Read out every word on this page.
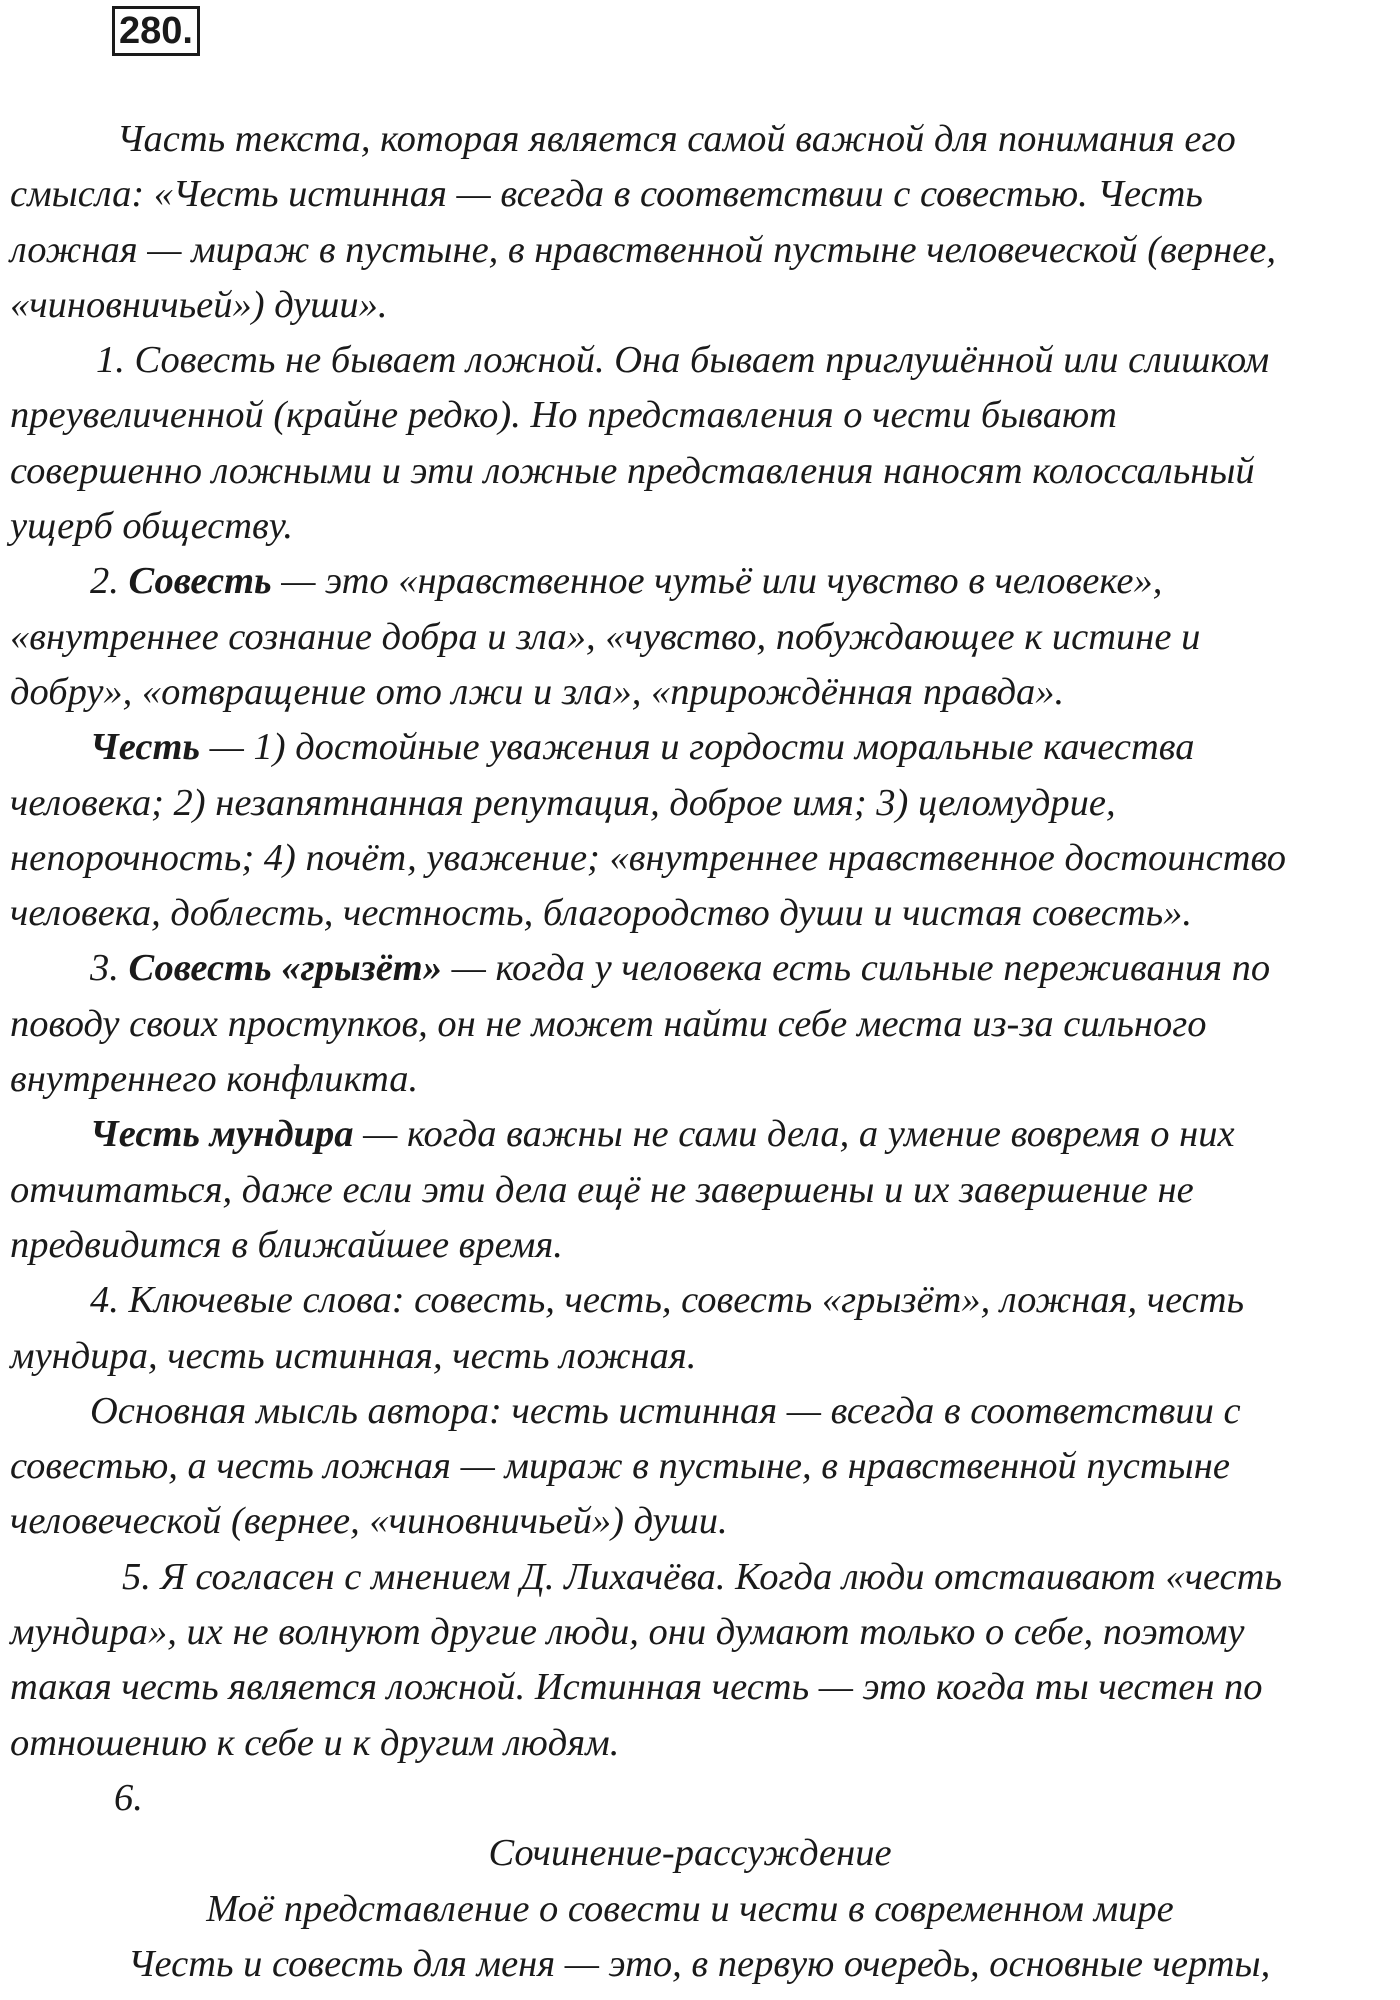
280.

Часть текста, которая является самой важной для понимания его
смысла: «Честь истинная — всегда в соответствии с совестью. Честь
ложная — мираж в пустыне, в нравственной пустыне человеческой (вернее,
«чиновничьей») души».

1. Совесть не бывает ложной. Она бывает приглушённой или слишком
преувеличенной (крайне редко). Но представления о чести бывают
совершенно ложными и эти ложные представления наносят колоссальный
ущерб обществу.

2. Совесть — это «нравственное чутьё или чувство в человеке»,
«внутреннее сознание добра и зла», «чувство, побуждающее к истине и
добру», «отвращение ото лжи и зла», «прирождённая правда».

Честь — 1) достойные уважения и гордости моральные качества
человека; 2) незапятнанная репутация, доброе имя; 3) целомудрие,
непорочность; 4) почёт, уважение; «внутреннее нравственное достоинство
человека, доблесть, честность, благородство души и чистая совесть».

3. Совесть «грызёт» — когда у человека есть сильные переживания по
поводу своих проступков, он не может найти себе места из-за сильного
внутреннего конфликта.

Честь мундира — когда важны не сами дела, а умение вовремя о них
отчитаться, даже если эти дела ещё не завершены и их завершение не
предвидится в ближайшее время.

4. Ключевые слова: совесть, честь, совесть «грызёт», ложная, честь
мундира, честь истинная, честь ложная.

Основная мысль автора: честь истинная — всегда в соответствии с
совестью, а честь ложная — мираж в пустыне, в нравственной пустыне
человеческой (вернее, «чиновничьей») души.

5. Я согласен с мнением Д. Лихачёва. Когда люди отстаивают «честь
мундира», их не волнуют другие люди, они думают только о себе, поэтому
такая честь является ложной. Истинная честь — это когда ты честен по
отношению к себе и к другим людям.

6.

Сочинение-рассуждение

Моё представление о совести и чести в современном мире

Честь и совесть для меня — это, в первую очередь, основные черты,
